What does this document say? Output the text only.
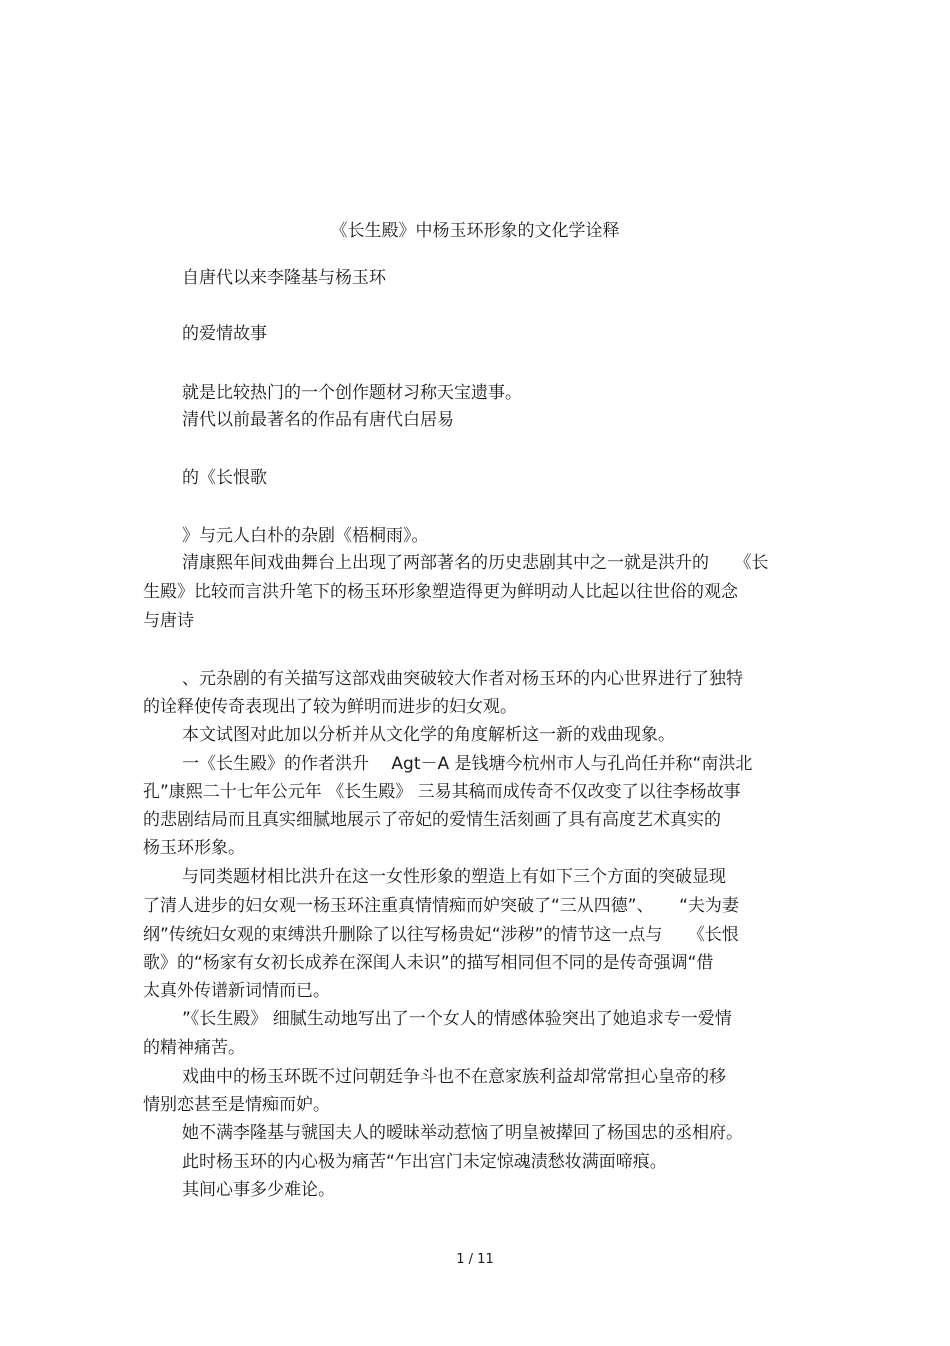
《长生殿》中杨玉环形象的文化学诠释
自唐代以来李隆基与杨玉环
的爱情故事
就是比较热门的一个创作题材习称天宝遗事。
清代以前最著名的作品有唐代白居易
的《长恨歌
》与元人白朴的杂剧《梧桐雨》。
清康熙年间戏曲舞台上出现了两部著名的历史悲剧其中之一就是洪升的　　《长
生殿》比较而言洪升笔下的杨玉环形象塑造得更为鲜明动人比起以往世俗的观念
与唐诗
、元杂剧的有关描写这部戏曲突破较大作者对杨玉环的内心世界进行了独特
的诠释使传奇表现出了较为鲜明而进步的妇女观。
本文试图对此加以分析并从文化学的角度解析这一新的戏曲现象。
一《长生殿》的作者洪升　 Agt－A 是钱塘今杭州市人与孔尚任并称“南洪北
孔”康熙二十七年公元年 《长生殿》 三易其稿而成传奇不仅改变了以往李杨故事
的悲剧结局而且真实细腻地展示了帝妃的爱情生活刻画了具有高度艺术真实的
杨玉环形象。
与同类题材相比洪升在这一女性形象的塑造上有如下三个方面的突破显现
了清人进步的妇女观一杨玉环注重真情情痴而妒突破了“三从四德”、　　“夫为妻
纲”传统妇女观的束缚洪升删除了以往写杨贵妃“涉秽”的情节这一点与　　《长恨
歌》的“杨家有女初长成养在深闺人未识”的描写相同但不同的是传奇强调“借
太真外传谱新词情而已。
”《长生殿》 细腻生动地写出了一个女人的情感体验突出了她追求专一爱情
的精神痛苦。
戏曲中的杨玉环既不过问朝廷争斗也不在意家族利益却常常担心皇帝的移
情别恋甚至是情痴而妒。
她不满李隆基与虢国夫人的暧昧举动惹恼了明皇被撵回了杨国忠的丞相府。
此时杨玉环的内心极为痛苦“乍出宫门未定惊魂渍愁妆满面啼痕。
其间心事多少难论。
1 / 11
